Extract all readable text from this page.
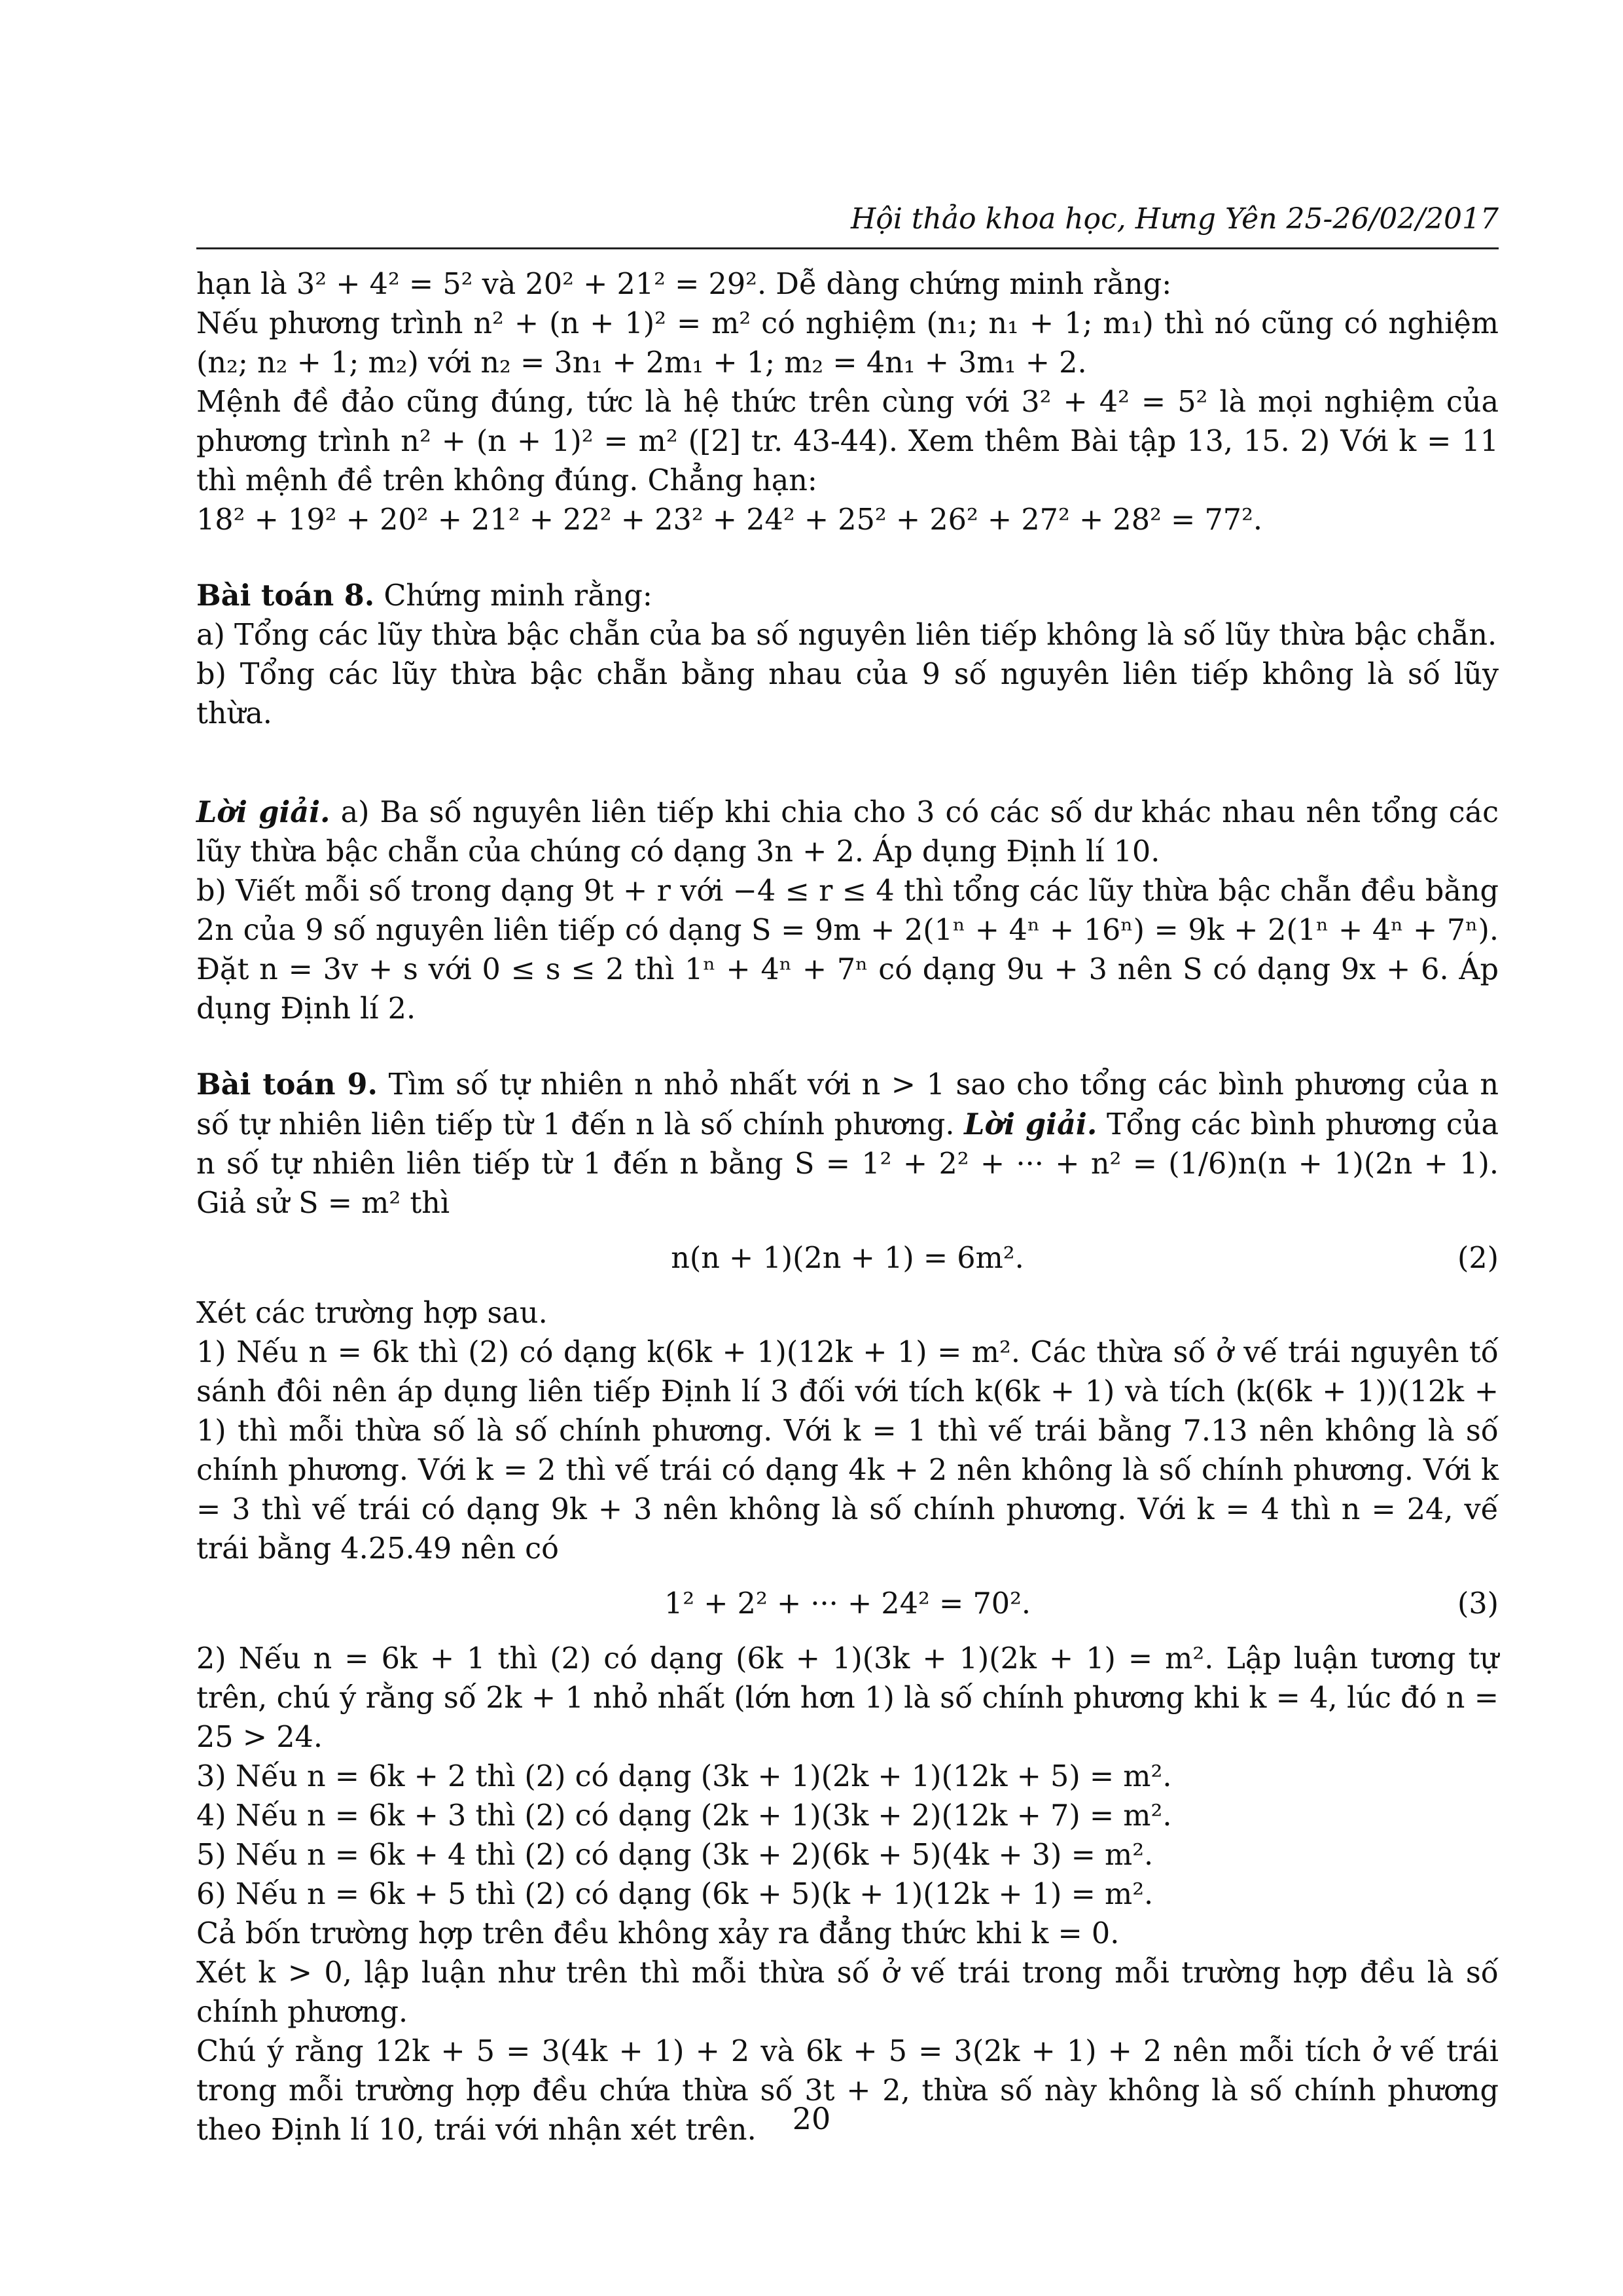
Hội thảo khoa học, Hưng Yên 25-26/02/2017

hạn là 3² + 4² = 5² và 20² + 21² = 29². Dễ dàng chứng minh rằng:

Nếu phương trình n² + (n + 1)² = m² có nghiệm (n₁; n₁ + 1; m₁) thì nó cũng có nghiệm (n₂; n₂ + 1; m₂) với n₂ = 3n₁ + 2m₁ + 1; m₂ = 4n₁ + 3m₁ + 2.

Mệnh đề đảo cũng đúng, tức là hệ thức trên cùng với 3² + 4² = 5² là mọi nghiệm của phương trình n² + (n + 1)² = m² ([2] tr. 43-44). Xem thêm Bài tập 13, 15. 2) Với k = 11 thì mệnh đề trên không đúng. Chẳng hạn:

18² + 19² + 20² + 21² + 22² + 23² + 24² + 25² + 26² + 27² + 28² = 77².

Bài toán 8. Chứng minh rằng:

a) Tổng các lũy thừa bậc chẵn của ba số nguyên liên tiếp không là số lũy thừa bậc chẵn.

b) Tổng các lũy thừa bậc chẵn bằng nhau của 9 số nguyên liên tiếp không là số lũy thừa.

Lời giải. a) Ba số nguyên liên tiếp khi chia cho 3 có các số dư khác nhau nên tổng các lũy thừa bậc chẵn của chúng có dạng 3n + 2. Áp dụng Định lí 10.

b) Viết mỗi số trong dạng 9t + r với −4 ≤ r ≤ 4 thì tổng các lũy thừa bậc chẵn đều bằng 2n của 9 số nguyên liên tiếp có dạng S = 9m + 2(1ⁿ + 4ⁿ + 16ⁿ) = 9k + 2(1ⁿ + 4ⁿ + 7ⁿ). Đặt n = 3v + s với 0 ≤ s ≤ 2 thì 1ⁿ + 4ⁿ + 7ⁿ có dạng 9u + 3 nên S có dạng 9x + 6. Áp dụng Định lí 2.

Bài toán 9. Tìm số tự nhiên n nhỏ nhất với n > 1 sao cho tổng các bình phương của n số tự nhiên liên tiếp từ 1 đến n là số chính phương. Lời giải. Tổng các bình phương của n số tự nhiên liên tiếp từ 1 đến n bằng S = 1² + 2² + ··· + n² = (1/6)n(n + 1)(2n + 1). Giả sử S = m² thì

n(n + 1)(2n + 1) = 6m².	(2)

Xét các trường hợp sau.

1) Nếu n = 6k thì (2) có dạng k(6k + 1)(12k + 1) = m². Các thừa số ở vế trái nguyên tố sánh đôi nên áp dụng liên tiếp Định lí 3 đối với tích k(6k + 1) và tích (k(6k + 1))(12k + 1) thì mỗi thừa số là số chính phương. Với k = 1 thì vế trái bằng 7.13 nên không là số chính phương. Với k = 2 thì vế trái có dạng 4k + 2 nên không là số chính phương. Với k = 3 thì vế trái có dạng 9k + 3 nên không là số chính phương. Với k = 4 thì n = 24, vế trái bằng 4.25.49 nên có

1² + 2² + ··· + 24² = 70².	(3)

2) Nếu n = 6k + 1 thì (2) có dạng (6k + 1)(3k + 1)(2k + 1) = m². Lập luận tương tự trên, chú ý rằng số 2k + 1 nhỏ nhất (lớn hơn 1) là số chính phương khi k = 4, lúc đó n = 25 > 24.

3) Nếu n = 6k + 2 thì (2) có dạng (3k + 1)(2k + 1)(12k + 5) = m².

4) Nếu n = 6k + 3 thì (2) có dạng (2k + 1)(3k + 2)(12k + 7) = m².

5) Nếu n = 6k + 4 thì (2) có dạng (3k + 2)(6k + 5)(4k + 3) = m².

6) Nếu n = 6k + 5 thì (2) có dạng (6k + 5)(k + 1)(12k + 1) = m².

Cả bốn trường hợp trên đều không xảy ra đẳng thức khi k = 0.

Xét k > 0, lập luận như trên thì mỗi thừa số ở vế trái trong mỗi trường hợp đều là số chính phương.

Chú ý rằng 12k + 5 = 3(4k + 1) + 2 và 6k + 5 = 3(2k + 1) + 2 nên mỗi tích ở vế trái trong mỗi trường hợp đều chứa thừa số 3t + 2, thừa số này không là số chính phương theo Định lí 10, trái với nhận xét trên.	20
